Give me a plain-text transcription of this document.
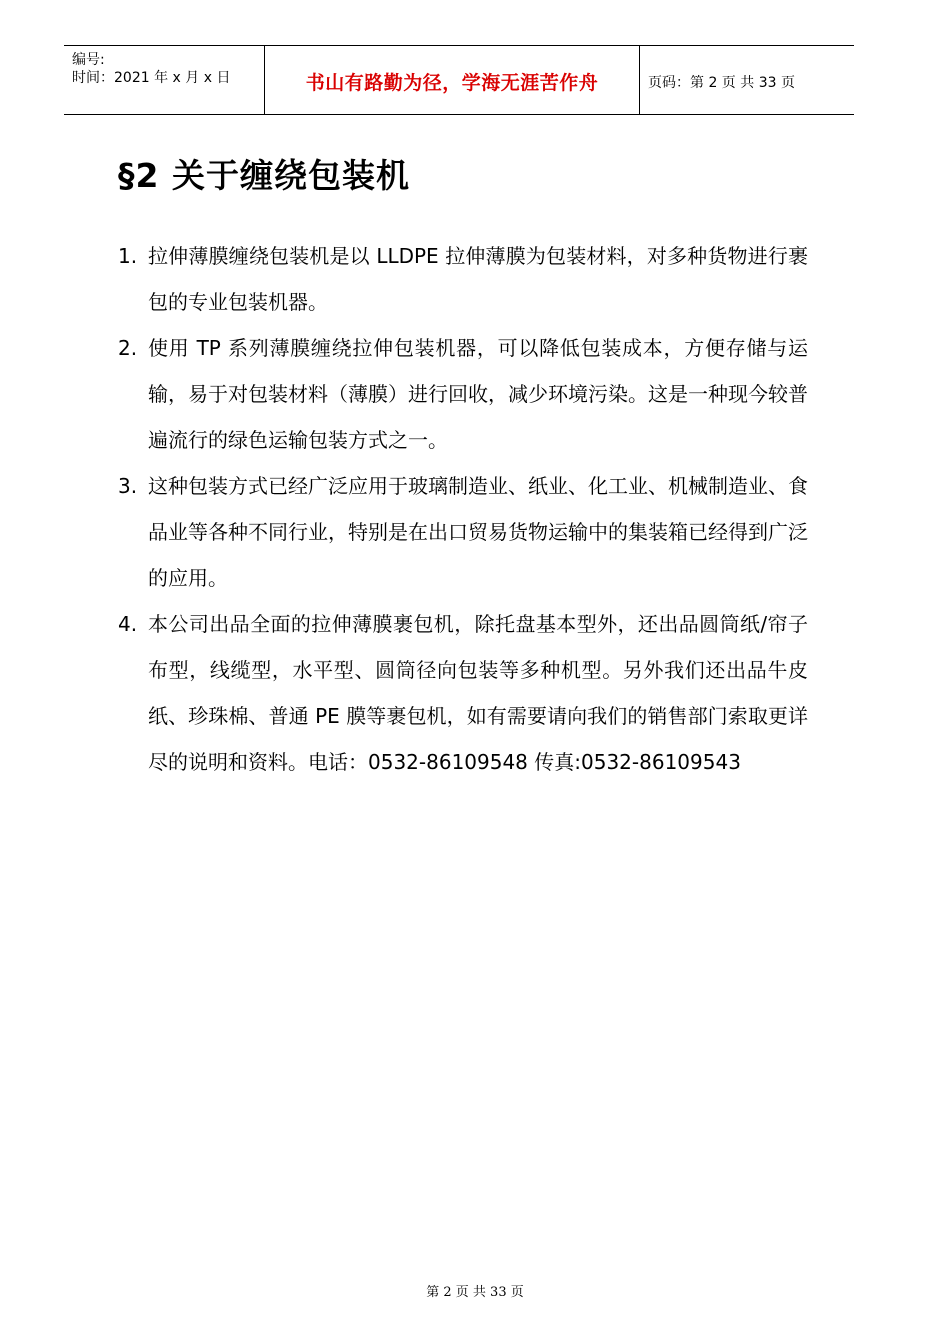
编号:
时间：2021 年 x 月 x 日	书山有路勤为径，学海无涯苦作舟	页码：第 2 页 共 33 页
§2 关于缠绕包装机
1. 拉伸薄膜缠绕包装机是以 LLDPE 拉伸薄膜为包装材料，对多种货物进行裹包的专业包装机器。
2. 使用 TP 系列薄膜缠绕拉伸包装机器，可以降低包装成本，方便存储与运输，易于对包装材料（薄膜）进行回收，减少环境污染。这是一种现今较普遍流行的绿色运输包装方式之一。
3. 这种包装方式已经广泛应用于玻璃制造业、纸业、化工业、机械制造业、食品业等各种不同行业，特别是在出口贸易货物运输中的集装箱已经得到广泛的应用。
4. 本公司出品全面的拉伸薄膜裹包机，除托盘基本型外，还出品圆筒纸/帘子布型，线缆型，水平型、圆筒径向包装等多种机型。另外我们还出品牛皮纸、珍珠棉、普通 PE 膜等裹包机，如有需要请向我们的销售部门索取更详尽的说明和资料。电话：0532-86109548 传真:0532-86109543
第 2 页 共 33 页
